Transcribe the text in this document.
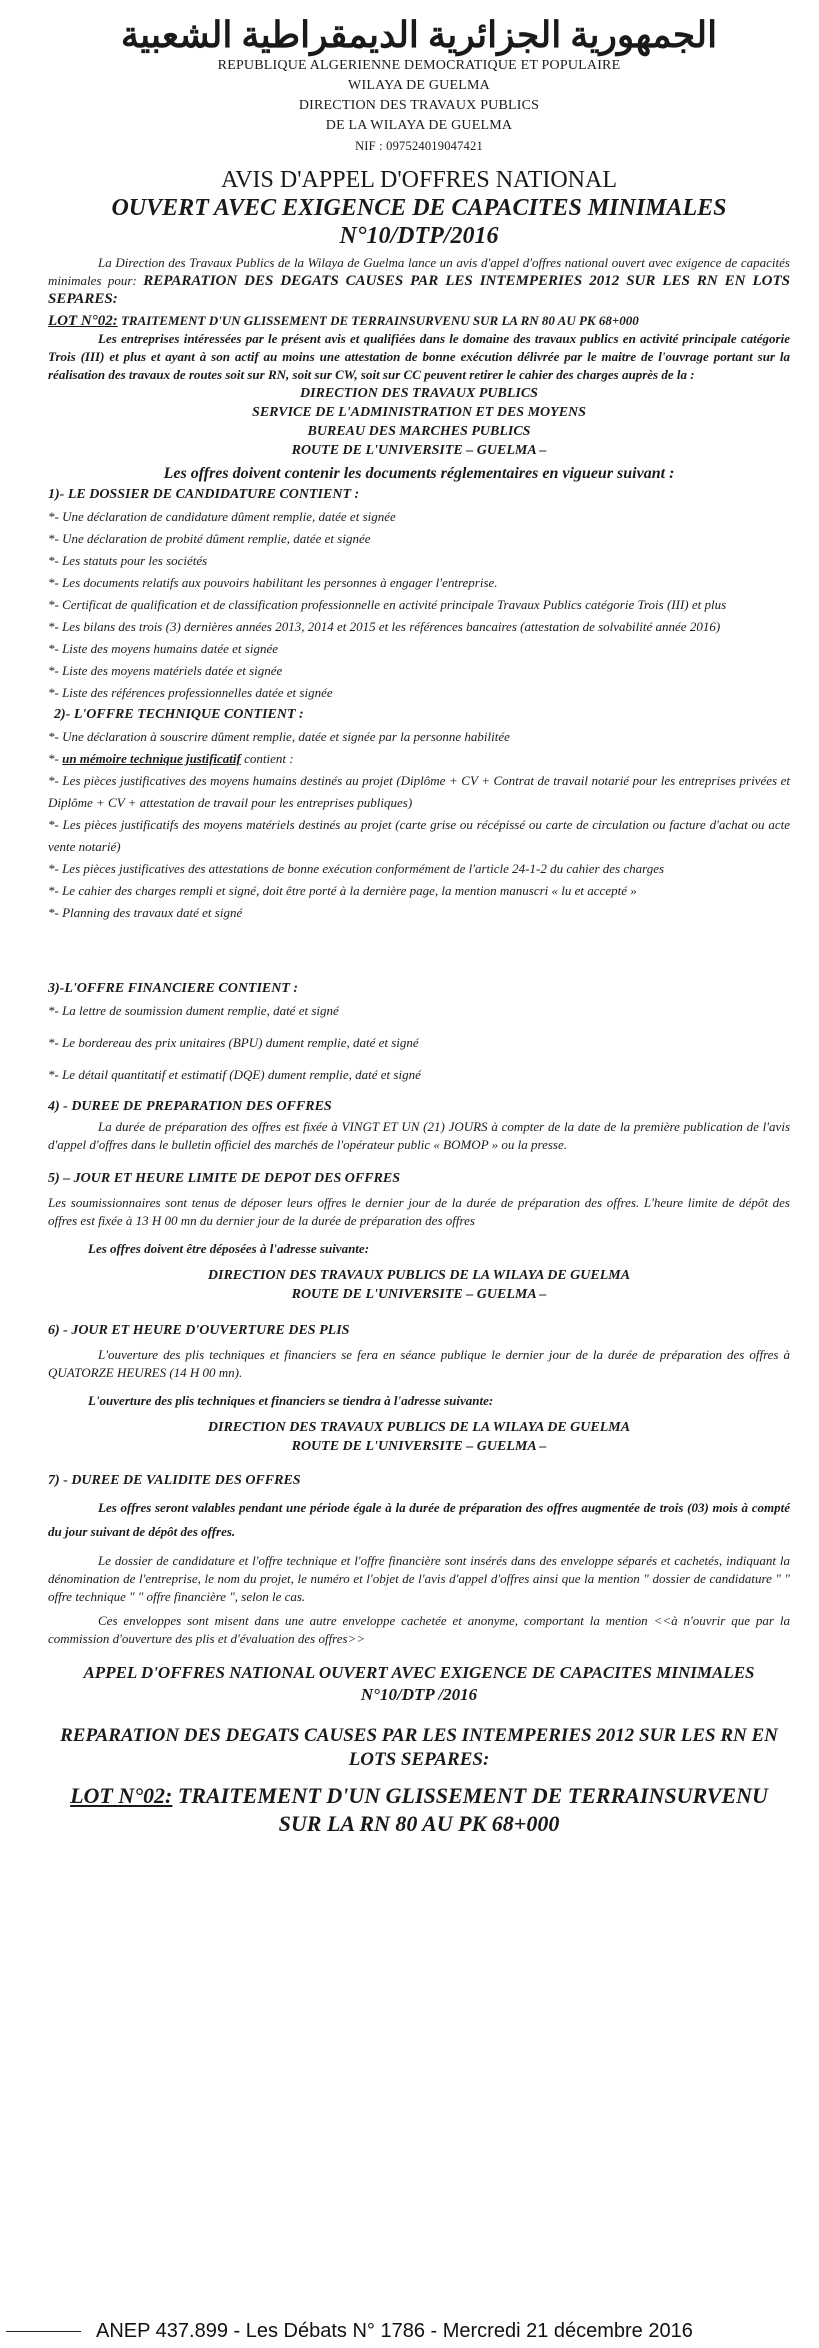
الجمهورية الجزائرية الديمقراطية الشعبية

REPUBLIQUE ALGERIENNE DEMOCRATIQUE ET POPULAIRE

WILAYA DE GUELMA

DIRECTION DES TRAVAUX PUBLICS

DE LA WILAYA DE GUELMA

NIF : 097524019047421

AVIS D'APPEL D'OFFRES NATIONAL

OUVERT AVEC EXIGENCE DE CAPACITES MINIMALES

N°10/DTP/2016

La Direction des Travaux Publics de la Wilaya de Guelma lance un avis d'appel d'offres national ouvert avec exigence de capacités minimales pour: REPARATION DES DEGATS CAUSES PAR LES INTEMPERIES 2012 SUR LES RN EN LOTS SEPARES:

LOT N°02: TRAITEMENT D'UN GLISSEMENT DE TERRAINSURVENU SUR LA RN 80 AU PK 68+000

Les entreprises intéressées par le présent avis et qualifiées dans le domaine des travaux publics en activité principale catégorie Trois (III) et plus et ayant à son actif au moins une attestation de bonne exécution délivrée par le maitre de l'ouvrage portant sur la réalisation des travaux de routes soit sur RN, soit sur CW, soit sur CC peuvent retirer le cahier des charges auprès de la :

DIRECTION DES TRAVAUX PUBLICS

SERVICE DE L'ADMINISTRATION ET DES MOYENS

BUREAU DES MARCHES PUBLICS

ROUTE DE L'UNIVERSITE – GUELMA –

Les offres doivent contenir les documents réglementaires en vigueur suivant :

1)- LE DOSSIER DE CANDIDATURE CONTIENT :

*- Une déclaration de candidature dûment remplie, datée et signée

*- Une déclaration de probité dûment remplie, datée et signée

*- Les statuts pour les sociétés

*- Les documents relatifs aux pouvoirs habilitant les personnes à engager l'entreprise.

*- Certificat de qualification et de classification professionnelle en activité principale Travaux Publics catégorie Trois (III) et plus

*- Les bilans des trois (3) dernières années 2013, 2014 et 2015 et les références bancaires (attestation de solvabilité année 2016)

*- Liste des moyens humains datée et signée

*- Liste des moyens matériels datée et signée

*- Liste des références professionnelles datée et signée

2)- L'OFFRE TECHNIQUE CONTIENT :

*- Une déclaration à souscrire dûment remplie, datée et signée par la personne habilitée

*- un mémoire technique justificatif contient :

*- Les pièces justificatives des moyens humains destinés au projet (Diplôme + CV + Contrat de travail notarié pour les entreprises privées et Diplôme + CV + attestation de travail pour les entreprises publiques)

*- Les pièces justificatifs des moyens matériels destinés au projet (carte grise ou récépissé ou carte de circulation ou facture d'achat ou acte vente notarié)

*- Les pièces justificatives des attestations de bonne exécution conformément de l'article 24-1-2 du cahier des charges

*- Le cahier des charges rempli et signé, doit être porté à la dernière page, la mention manuscri « lu et accepté »

*- Planning des travaux daté et signé

3)-L'OFFRE FINANCIERE CONTIENT :

*- La lettre de soumission dument remplie, daté et signé

*- Le bordereau des prix unitaires (BPU) dument remplie, daté et signé

*- Le détail quantitatif et estimatif (DQE) dument remplie, daté et signé

4) - DUREE DE PREPARATION DES OFFRES

La durée de préparation des offres est fixée à VINGT ET UN (21) JOURS à compter de la date de la première publication de l'avis d'appel d'offres dans le bulletin officiel des marchés de l'opérateur public « BOMOP » ou la presse.

5) – JOUR ET HEURE LIMITE DE DEPOT DES OFFRES

Les soumissionnaires sont tenus de déposer leurs offres le dernier jour de la durée de préparation des offres. L'heure limite de dépôt des offres est fixée à 13 H 00 mn du dernier jour de la durée de préparation des offres

Les offres doivent être déposées à l'adresse suivante:

DIRECTION DES TRAVAUX PUBLICS DE LA WILAYA DE GUELMA

ROUTE DE L'UNIVERSITE – GUELMA –

6) - JOUR ET HEURE D'OUVERTURE DES PLIS

L'ouverture des plis techniques et financiers se fera en séance publique le dernier jour de la durée de préparation des offres à QUATORZE HEURES (14 H 00 mn).

L'ouverture des plis techniques et financiers se tiendra à l'adresse suivante:

DIRECTION DES TRAVAUX PUBLICS DE LA WILAYA DE GUELMA

ROUTE DE L'UNIVERSITE – GUELMA –

7) - DUREE DE VALIDITE DES OFFRES

Les offres seront valables pendant une période égale à la durée de préparation des offres augmentée de trois (03) mois à compté du jour suivant de dépôt des offres.

Le dossier de candidature et l'offre technique et l'offre financière sont insérés dans des enveloppe séparés et cachetés, indiquant la dénomination de l'entreprise, le nom du projet, le numéro et l'objet de l'avis d'appel d'offres ainsi que la mention " dossier de candidature " " offre technique " " offre financière ", selon le cas.

Ces enveloppes sont misent dans une autre enveloppe cachetée et anonyme, comportant la mention <<à n'ouvrir que par la commission d'ouverture des plis et d'évaluation des offres>>

APPEL D'OFFRES NATIONAL OUVERT AVEC EXIGENCE DE CAPACITES MINIMALES N°10/DTP /2016

REPARATION DES DEGATS CAUSES PAR LES INTEMPERIES 2012 SUR LES RN EN LOTS SEPARES:

LOT N°02: TRAITEMENT D'UN GLISSEMENT DE TERRAINSURVENU SUR LA RN 80 AU PK 68+000

ANEP 437.899 - Les Débats N° 1786 - Mercredi 21 décembre 2016
